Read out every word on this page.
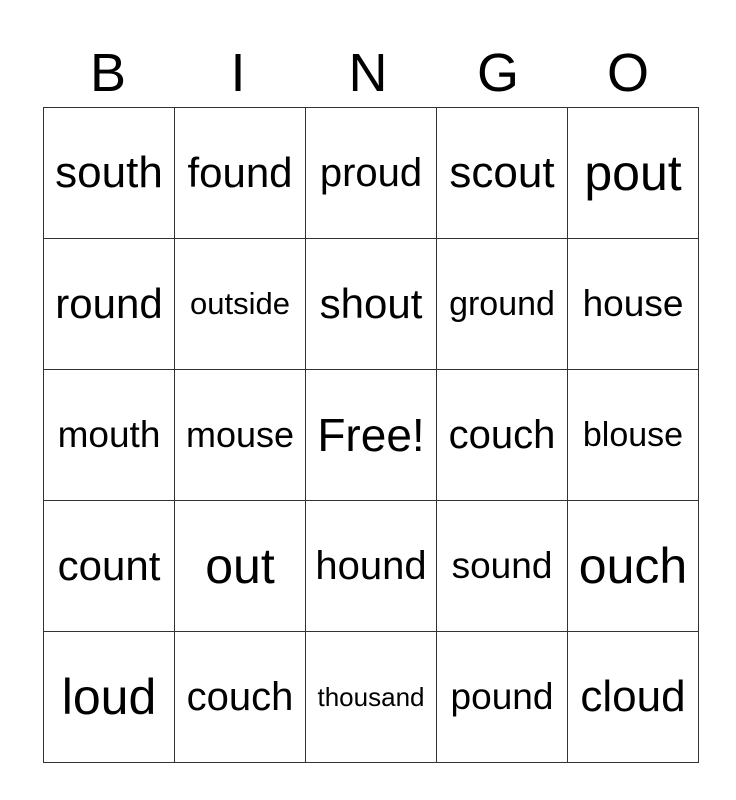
B	I	N	G	O
south	found	proud	scout	pout
round	outside	shout	ground	house
mouth	mouse	Free!	couch	blouse
count	out	hound	sound	ouch
loud	couch	thousand	pound	cloud
